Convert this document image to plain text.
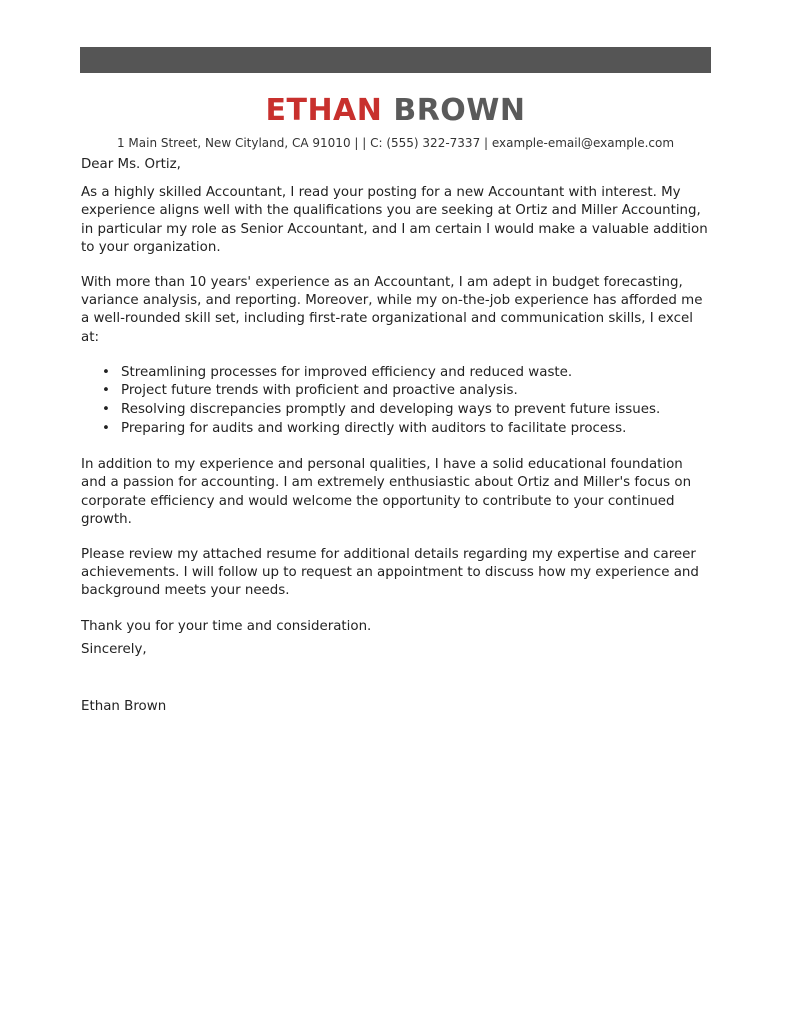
ETHAN BROWN
1 Main Street, New Cityland, CA 91010 | | C: (555) 322-7337 | example-email@example.com

Dear Ms. Ortiz,

As a highly skilled Accountant, I read your posting for a new Accountant with interest. My experience aligns well with the qualifications you are seeking at Ortiz and Miller Accounting, in particular my role as Senior Accountant, and I am certain I would make a valuable addition to your organization.

With more than 10 years' experience as an Accountant, I am adept in budget forecasting, variance analysis, and reporting. Moreover, while my on-the-job experience has afforded me a well-rounded skill set, including first-rate organizational and communication skills, I excel at:

• Streamlining processes for improved efficiency and reduced waste.
• Project future trends with proficient and proactive analysis.
• Resolving discrepancies promptly and developing ways to prevent future issues.
• Preparing for audits and working directly with auditors to facilitate process.

In addition to my experience and personal qualities, I have a solid educational foundation and a passion for accounting. I am extremely enthusiastic about Ortiz and Miller's focus on corporate efficiency and would welcome the opportunity to contribute to your continued growth.

Please review my attached resume for additional details regarding my expertise and career achievements. I will follow up to request an appointment to discuss how my experience and background meets your needs.

Thank you for your time and consideration.

Sincerely,

Ethan Brown
